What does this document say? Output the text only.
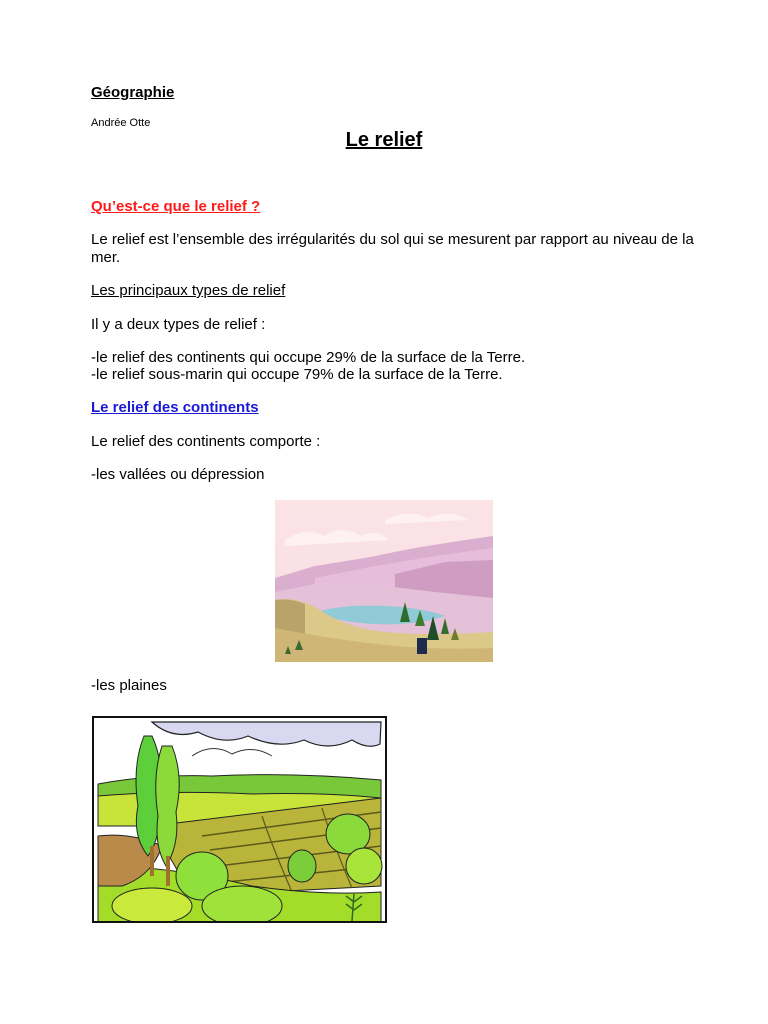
Géographie

Andrée Otte

Le relief

Qu’est-ce que le relief ?

Le relief est l’ensemble des irrégularités du sol qui se mesurent par rapport au niveau de la mer.

Les principaux types de relief

Il y a deux types de relief :

-le relief des continents qui occupe 29% de la surface de la Terre.

-le relief sous-marin qui occupe 79% de la surface de la Terre.

Le relief des continents

Le relief des continents comporte :

-les vallées ou dépression

-les plaines
